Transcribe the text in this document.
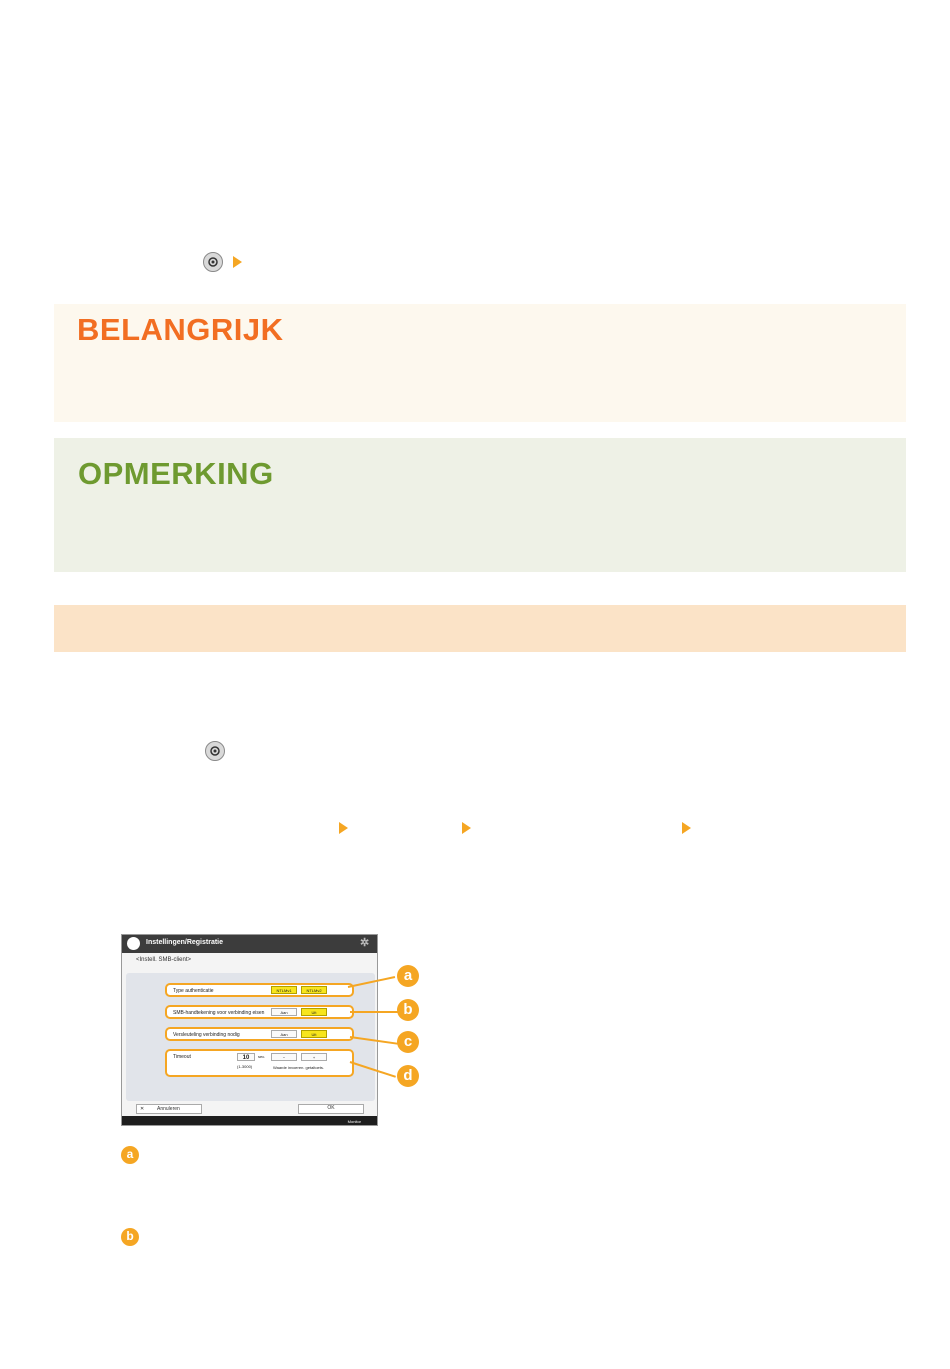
BELANGRIJK
OPMERKING
Instellingen/Registratie	✲
<Instell. SMB-client>
Type authenticatie	NTLMv1	NTLMv2
SMB-handtekening voor verbinding eisen	Aan	Uit
Versleuteling verbinding nodig	Aan	Uit
Timeout	10	sec.
(1-3000)
−	+
Waarde invoeren. getaltoets.
✕	Annuleren	OK
Monitor
a
b
c
d
a
b
